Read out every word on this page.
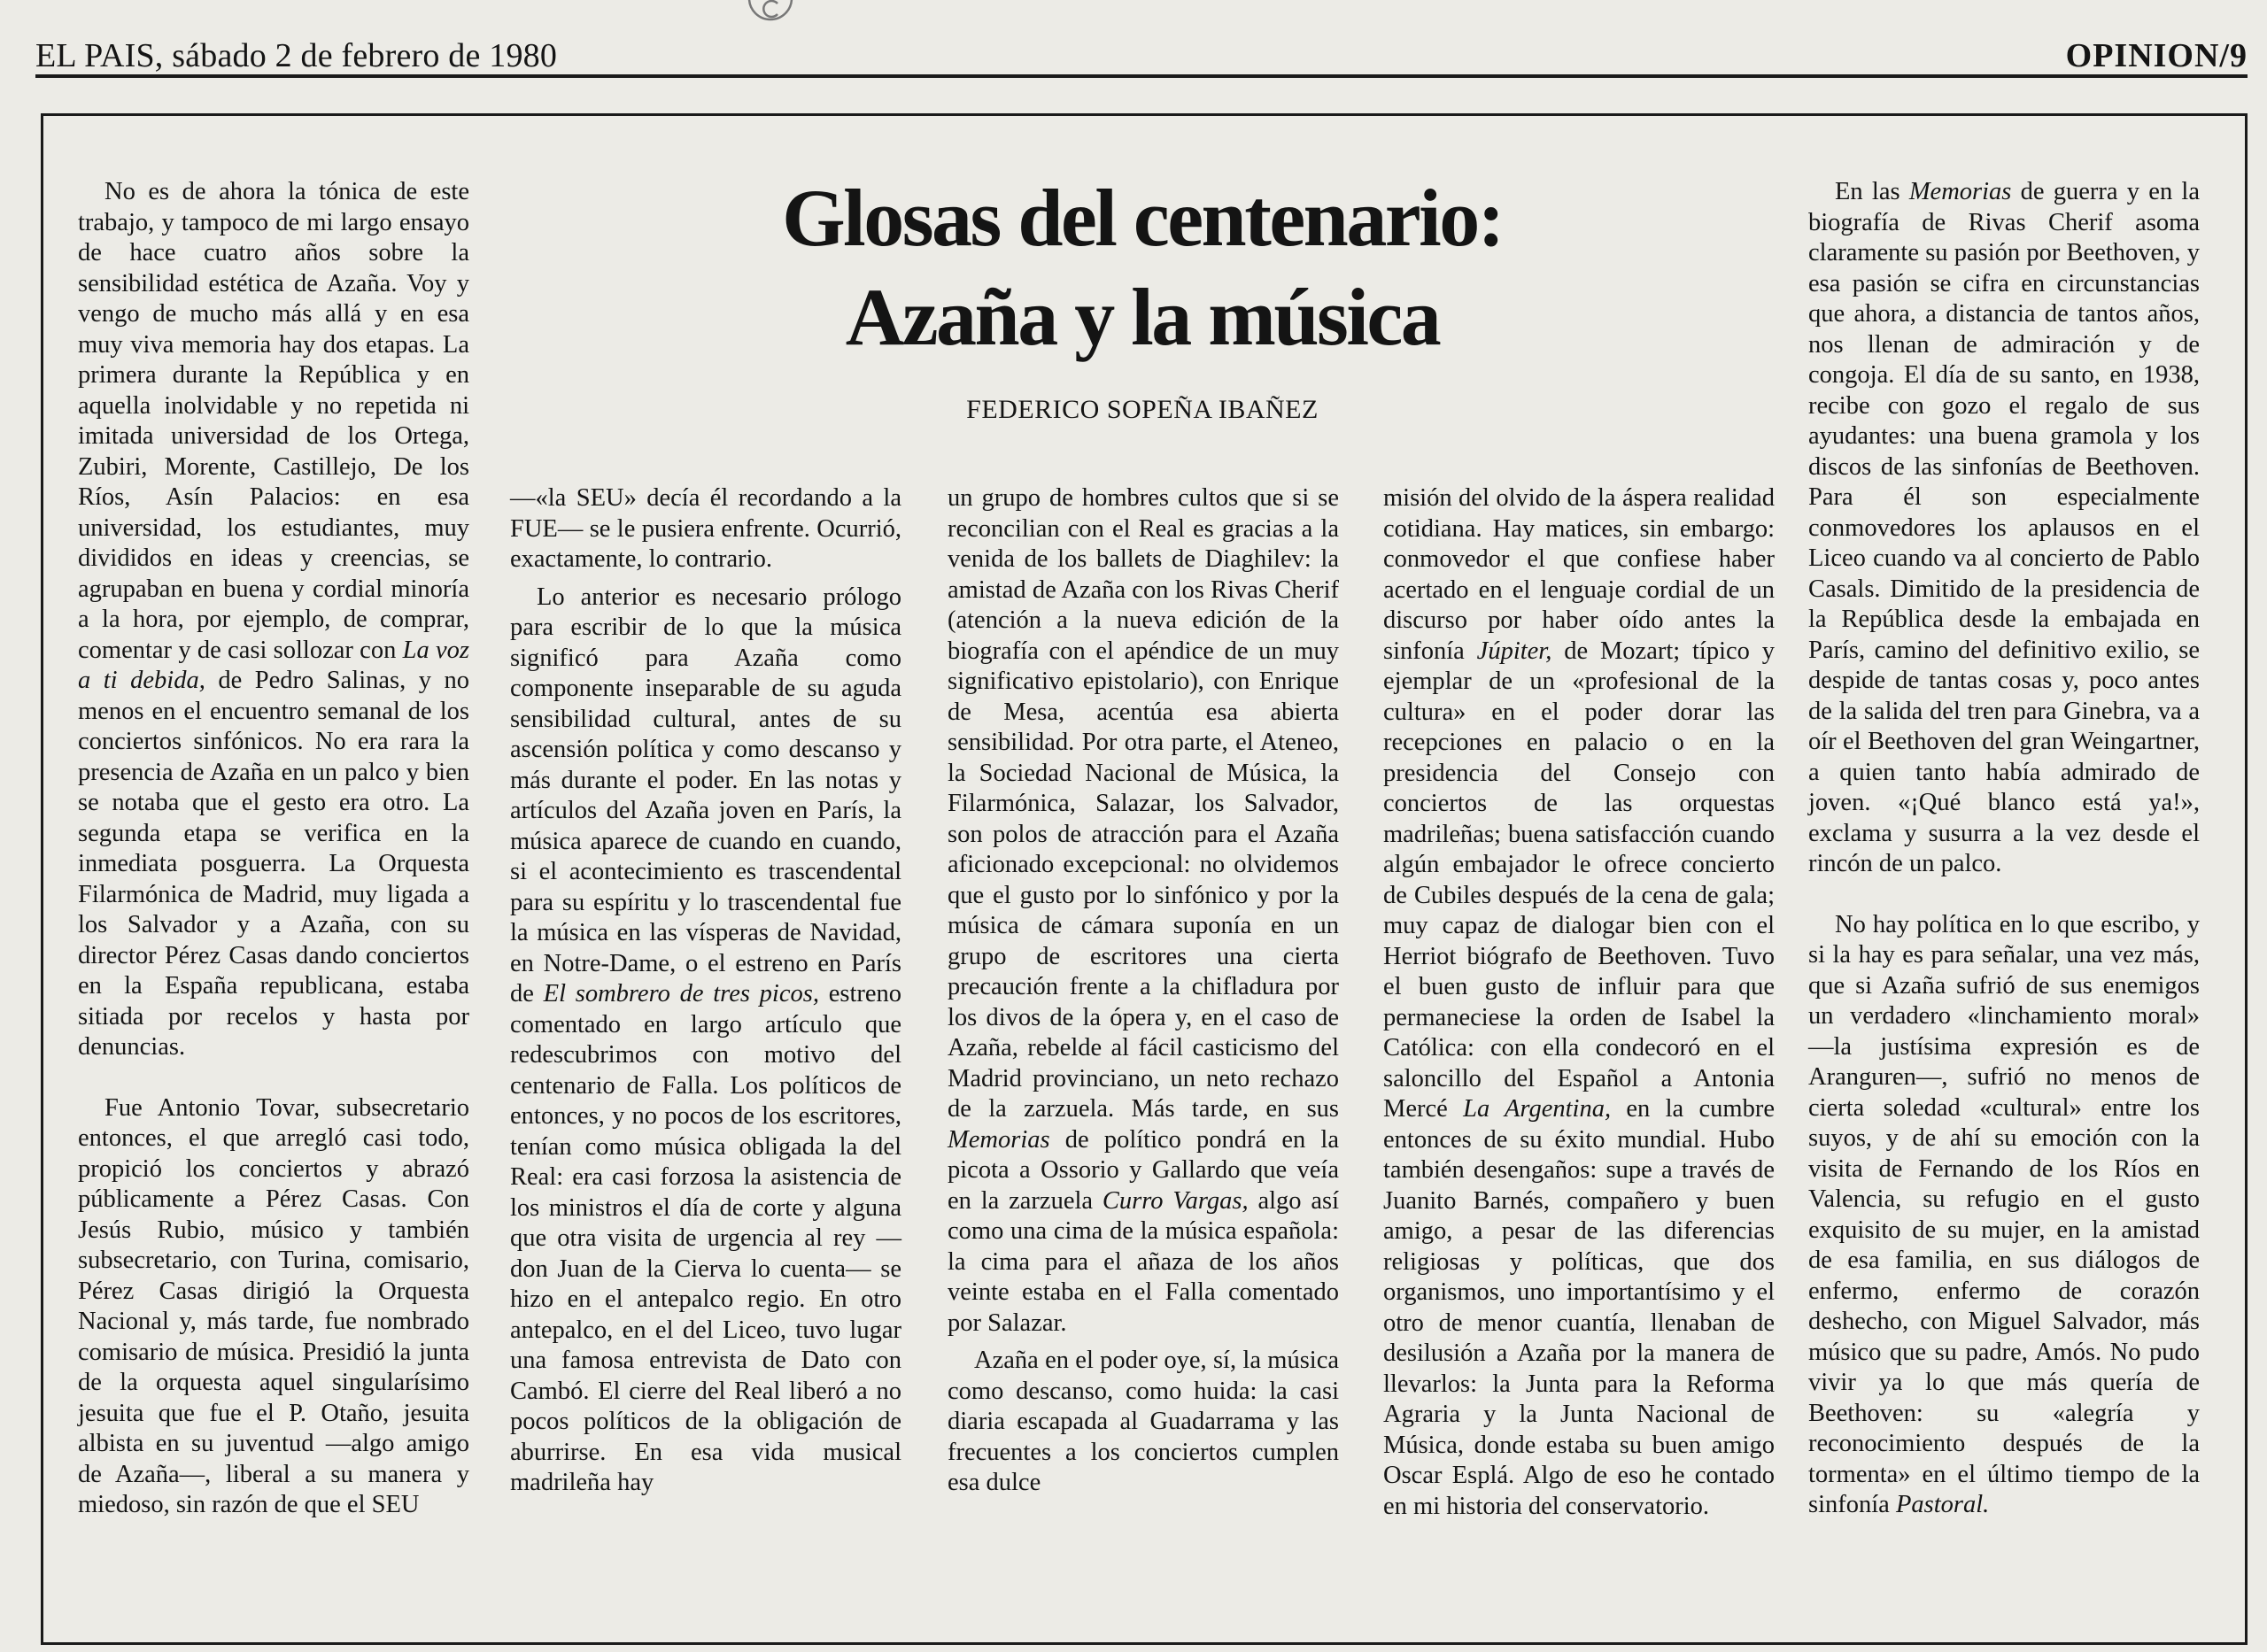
EL PAIS, sábado 2 de febrero de 1980	OPINION/9
Glosas del centenario:
Azaña y la música
FEDERICO SOPEÑA IBAÑEZ

No es de ahora la tónica de este trabajo, y tampoco de mi largo ensayo de hace cuatro años sobre la sensibilidad estética de Azaña. Voy y vengo de mucho más allá y en esa muy viva memoria hay dos etapas. La primera durante la República y en aquella inolvidable y no repetida ni imitada universidad de los Ortega, Zubiri, Morente, Castillejo, De los Ríos, Asín Palacios: en esa universidad, los estudiantes, muy divididos en ideas y creencias, se agrupaban en buena y cordial minoría a la hora, por ejemplo, de comprar, comentar y de casi sollozar con La voz a ti debida, de Pedro Salinas, y no menos en el encuentro semanal de los conciertos sinfónicos. No era rara la presencia de Azaña en un palco y bien se notaba que el gesto era otro. La segunda etapa se verifica en la inmediata posguerra. La Orquesta Filarmónica de Madrid, muy ligada a los Salvador y a Azaña, con su director Pérez Casas dando conciertos en la España republicana, estaba sitiada por recelos y hasta por denuncias.

Fue Antonio Tovar, subsecretario entonces, el que arregló casi todo, propició los conciertos y abrazó públicamente a Pérez Casas. Con Jesús Rubio, músico y también subsecretario, con Turina, comisario, Pérez Casas dirigió la Orquesta Nacional y, más tarde, fue nombrado comisario de música. Presidió la junta de la orquesta aquel singularísimo jesuita que fue el P. Otaño, jesuita albista en su juventud —algo amigo de Azaña—, liberal a su manera y miedoso, sin razón de que el SEU

—«la SEU» decía él recordando a la FUE— se le pusiera enfrente. Ocurrió, exactamente, lo contrario.

Lo anterior es necesario prólogo para escribir de lo que la música significó para Azaña como componente inseparable de su aguda sensibilidad cultural, antes de su ascensión política y como descanso y más durante el poder. En las notas y artículos del Azaña joven en París, la música aparece de cuando en cuando, si el acontecimiento es trascendental para su espíritu y lo trascendental fue la música en las vísperas de Navidad, en Notre-Dame, o el estreno en París de El sombrero de tres picos, estreno comentado en largo artículo que redescubrimos con motivo del centenario de Falla. Los políticos de entonces, y no pocos de los escritores, tenían como música obligada la del Real: era casi forzosa la asistencia de los ministros el día de corte y alguna que otra visita de urgencia al rey —don Juan de la Cierva lo cuenta— se hizo en el antepalco regio. En otro antepalco, en el del Liceo, tuvo lugar una famosa entrevista de Dato con Cambó. El cierre del Real liberó a no pocos políticos de la obligación de aburrirse. En esa vida musical madrileña hay

un grupo de hombres cultos que si se reconcilian con el Real es gracias a la venida de los ballets de Diaghilev: la amistad de Azaña con los Rivas Cherif (atención a la nueva edición de la biografía con el apéndice de un muy significativo epistolario), con Enrique de Mesa, acentúa esa abierta sensibilidad. Por otra parte, el Ateneo, la Sociedad Nacional de Música, la Filarmónica, Salazar, los Salvador, son polos de atracción para el Azaña aficionado excepcional: no olvidemos que el gusto por lo sinfónico y por la música de cámara suponía en un grupo de escritores una cierta precaución frente a la chifladura por los divos de la ópera y, en el caso de Azaña, rebelde al fácil casticismo del Madrid provinciano, un neto rechazo de la zarzuela. Más tarde, en sus Memorias de político pondrá en la picota a Ossorio y Gallardo que veía en la zarzuela Curro Vargas, algo así como una cima de la música española: la cima para el añaza de los años veinte estaba en el Falla comentado por Salazar.

Azaña en el poder oye, sí, la música como descanso, como huida: la casi diaria escapada al Guadarrama y las frecuentes a los conciertos cumplen esa dulce

misión del olvido de la áspera realidad cotidiana. Hay matices, sin embargo: conmovedor el que confiese haber acertado en el lenguaje cordial de un discurso por haber oído antes la sinfonía Júpiter, de Mozart; típico y ejemplar de un «profesional de la cultura» en el poder dorar las recepciones en palacio o en la presidencia del Consejo con conciertos de las orquestas madrileñas; buena satisfacción cuando algún embajador le ofrece concierto de Cubiles después de la cena de gala; muy capaz de dialogar bien con el Herriot biógrafo de Beethoven. Tuvo el buen gusto de influir para que permaneciese la orden de Isabel la Católica: con ella condecoró en el saloncillo del Español a Antonia Mercé La Argentina, en la cumbre entonces de su éxito mundial. Hubo también desengaños: supe a través de Juanito Barnés, compañero y buen amigo, a pesar de las diferencias religiosas y políticas, que dos organismos, uno importantísimo y el otro de menor cuantía, llenaban de desilusión a Azaña por la manera de llevarlos: la Junta para la Reforma Agraria y la Junta Nacional de Música, donde estaba su buen amigo Oscar Esplá. Algo de eso he contado en mi historia del conservatorio.

En las Memorias de guerra y en la biografía de Rivas Cherif asoma claramente su pasión por Beethoven, y esa pasión se cifra en circunstancias que ahora, a distancia de tantos años, nos llenan de admiración y de congoja. El día de su santo, en 1938, recibe con gozo el regalo de sus ayudantes: una buena gramola y los discos de las sinfonías de Beethoven. Para él son especialmente conmovedores los aplausos en el Liceo cuando va al concierto de Pablo Casals. Dimitido de la presidencia de la República desde la embajada en París, camino del definitivo exilio, se despide de tantas cosas y, poco antes de la salida del tren para Ginebra, va a oír el Beethoven del gran Weingartner, a quien tanto había admirado de joven. «¡Qué blanco está ya!», exclama y susurra a la vez desde el rincón de un palco.

No hay política en lo que escribo, y si la hay es para señalar, una vez más, que si Azaña sufrió de sus enemigos un verdadero «linchamiento moral» —la justísima expresión es de Aranguren—, sufrió no menos de cierta soledad «cultural» entre los suyos, y de ahí su emoción con la visita de Fernando de los Ríos en Valencia, su refugio en el gusto exquisito de su mujer, en la amistad de esa familia, en sus diálogos de enfermo, enfermo de corazón deshecho, con Miguel Salvador, más músico que su padre, Amós. No pudo vivir ya lo que más quería de Beethoven: su «alegría y reconocimiento después de la tormenta» en el último tiempo de la sinfonía Pastoral.
